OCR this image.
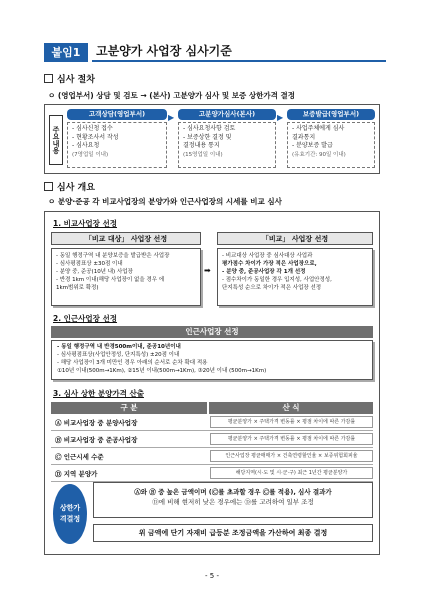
붙임1	고분양가 사업장 심사기준
심사 절차
ㅇ (영업부서) 상담 및 검토 → (본사) 고분양가 심사 및 보증 상한가격 결정
주요내용
고객상담(영업부서)
- 심사신청 접수
- 현황조사서 작성
- 심사요청
(7영업일 이내)
▶	고분양가심사(본사)
- 심사요청사항 검토
- 보증상한 결정 및
결정내용 통지
(15영업일 이내)
▶	보증발급(영업부서)
- 사업주체에게 심사
결과통지
- 분양보증 발급
(유효기간: 90일 이내)
심사 개요
ㅇ 분양·준공 각 비교사업장의 분양가와 인근사업장의 시세를 비교 심사
1. 비교사업장 선정
「비교 대상」 사업장 선정
- 동일 행정구역 내 분양보증을 발급받은 사업장
- 심사평점표상 ±30점 이내
- 분양 중, 준공(10년 내) 사업장
- 반경 1km 이내(해당 사업장이 없을 경우 에
1km범위로 확정)
➡
「비교」 사업장 선정
- 비교대상 사업장 중 심사대상 사업과
평가점수 차이가 가장 적은 사업장으로,
- 분양 중, 준공사업장 각 1개 선정
- 점수차이가 동일한 경우 입지성, 사업안정성,
단지특성 순으로 차이가 적은 사업장 선정
2. 인근사업장 선정
인근사업장 선정
- 동일 행정구역 내 반경500m이내, 준공10년이내
- 심사평점표상(사업안정성, 단지특성) ±20점 이내
- 해당 사업장이 3개 미만인 경우 아래의 순서로 순차 확대 적용
①10년 이내(500m→1Km), ②15년 이내(500m→1Km), ③20년 이내 (500m→1Km)
3. 심사 상한 분양가격 산출
구 분	산 식
Ⓐ 비교사업장 중 분양사업장	평균분양가 × 주택가격 변동률 × 평점 차이에 따른 가감률
Ⓑ 비교사업장 중 준공사업장	평균분양가 × 주택가격 변동률 × 평점 차이에 따른 가감률
Ⓒ 인근시세 수준	인근사업장 평균매매가 × 건축연령할인율 × 보증위험회피율
Ⓓ 지역 분양가	해당지역(시·도 및 시·군·구) 최근 1년간 평균분양가
상한가격결정
Ⓐ와 Ⓑ 중 높은 금액이며 (Ⓒ를 초과할 경우 Ⓒ를 적용), 심사 결과가
Ⓓ에 비해 현저히 낮은 경우에는 Ⓓ를 고려하여 일부 조정
위 금액에 단기 자재비 급등분 조정금액을 가산하여 최종 결정
- 5 -
